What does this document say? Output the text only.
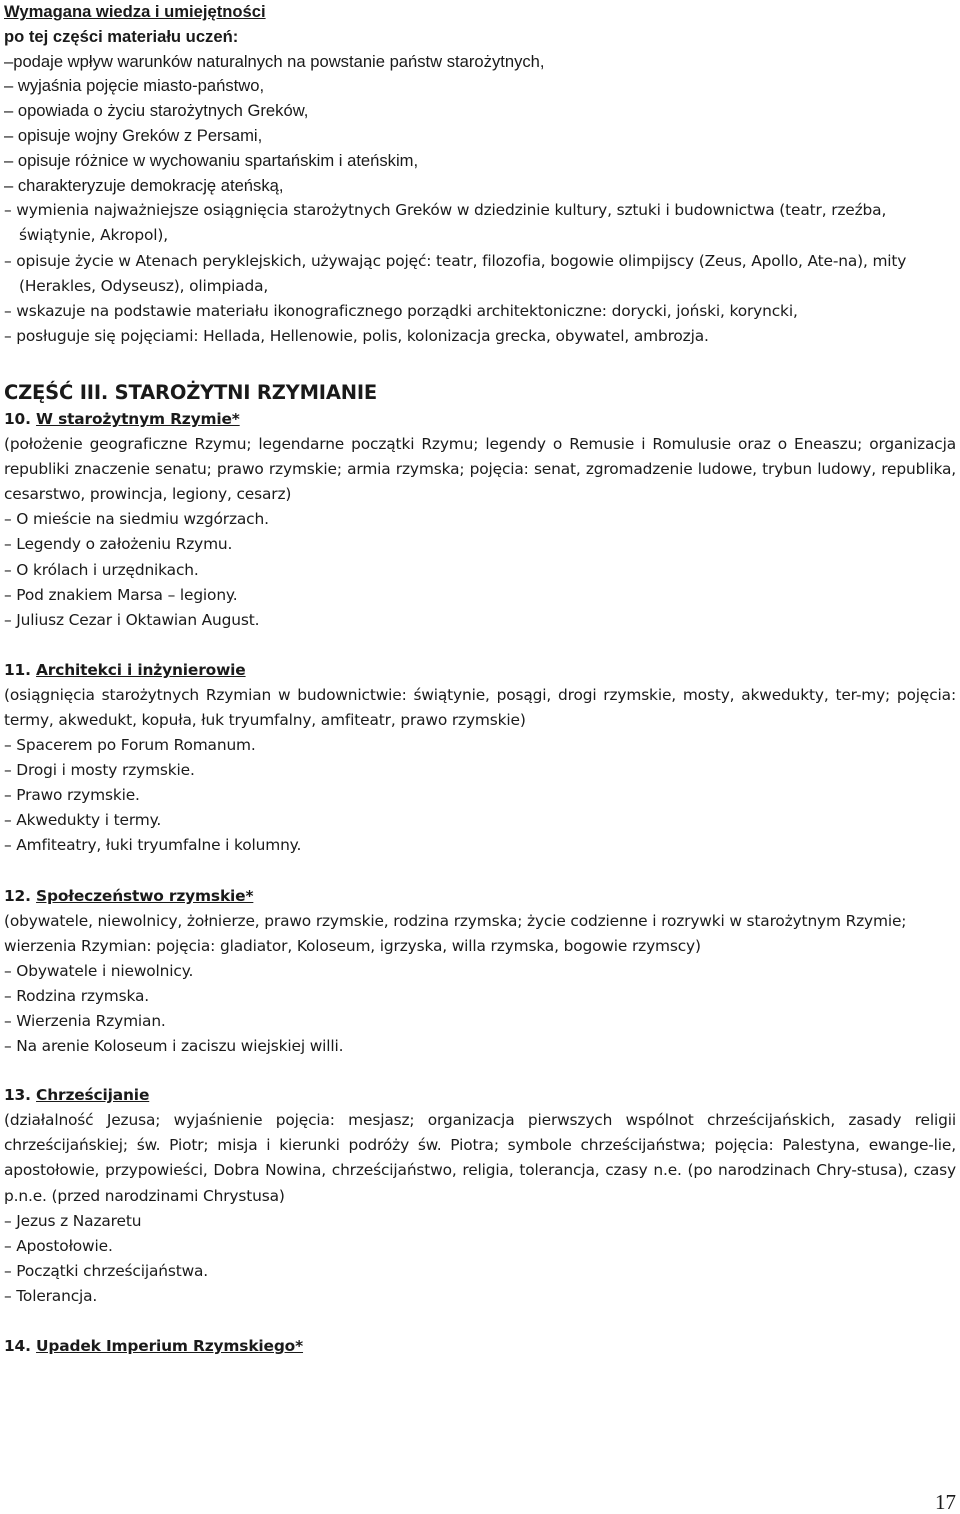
Wymagana wiedza i umiejętności
po tej części materiału uczeń:
–podaje wpływ warunków naturalnych na powstanie państw starożytnych,
– wyjaśnia pojęcie miasto-państwo,
– opowiada o życiu starożytnych Greków,
– opisuje wojny Greków z Persami,
– opisuje różnice w wychowaniu spartańskim i ateńskim,
– charakteryzuje demokrację ateńską,
– wymienia najważniejsze osiągnięcia starożytnych Greków w dziedzinie kultury, sztuki i budownictwa (teatr, rzeźba, świątynie, Akropol),
– opisuje życie w Atenach peryklejskich, używając pojęć: teatr, filozofia, bogowie olimpijscy (Zeus, Apollo, Ate-na), mity (Herakles, Odyseusz), olimpiada,
– wskazuje na podstawie materiału ikonograficznego porządki architektoniczne: dorycki, joński, koryncki,
– posługuje się pojęciami: Hellada, Hellenowie, polis, kolonizacja grecka, obywatel, ambrozja.
CZĘŚĆ III. STAROŻYTNI RZYMIANIE
10. W starożytnym Rzymie*
(położenie geograficzne Rzymu; legendarne początki Rzymu; legendy o Remusie i Romulusie oraz o Eneaszu; organizacja republiki znaczenie senatu; prawo rzymskie; armia rzymska; pojęcia: senat, zgromadzenie ludowe, trybun ludowy, republika, cesarstwo, prowincja, legiony, cesarz)
– O mieście na siedmiu wzgórzach.
– Legendy o założeniu Rzymu.
– O królach i urzędnikach.
– Pod znakiem Marsa – legiony.
– Juliusz Cezar i Oktawian August.
11. Architekci i inżynierowie
(osiągnięcia starożytnych Rzymian w budownictwie: świątynie, posągi, drogi rzymskie, mosty, akwedukty, ter-my; pojęcia: termy, akwedukt, kopuła, łuk tryumfalny, amfiteatr, prawo rzymskie)
– Spacerem po Forum Romanum.
– Drogi i mosty rzymskie.
– Prawo rzymskie.
– Akwedukty i termy.
– Amfiteatry, łuki tryumfalne i kolumny.
12. Społeczeństwo rzymskie*
(obywatele, niewolnicy, żołnierze, prawo rzymskie, rodzina rzymska; życie codzienne i rozrywki w starożytnym Rzymie; wierzenia Rzymian: pojęcia: gladiator, Koloseum, igrzyska, willa rzymska, bogowie rzymscy)
– Obywatele i niewolnicy.
– Rodzina rzymska.
– Wierzenia Rzymian.
– Na arenie Koloseum i zaciszu wiejskiej willi.
13. Chrześcijanie
(działalność Jezusa; wyjaśnienie pojęcia: mesjasz; organizacja pierwszych wspólnot chrześcijańskich, zasady religii chrześcijańskiej; św. Piotr; misja i kierunki podróży św. Piotra; symbole chrześcijaństwa; pojęcia: Palestyna, ewange-lie, apostołowie, przypowieści, Dobra Nowina, chrześcijaństwo, religia, tolerancja, czasy n.e. (po narodzinach Chry-stusa), czasy p.n.e. (przed narodzinami Chrystusa)
– Jezus z Nazaretu
– Apostołowie.
– Początki chrześcijaństwa.
– Tolerancja.
14. Upadek Imperium Rzymskiego*
17
